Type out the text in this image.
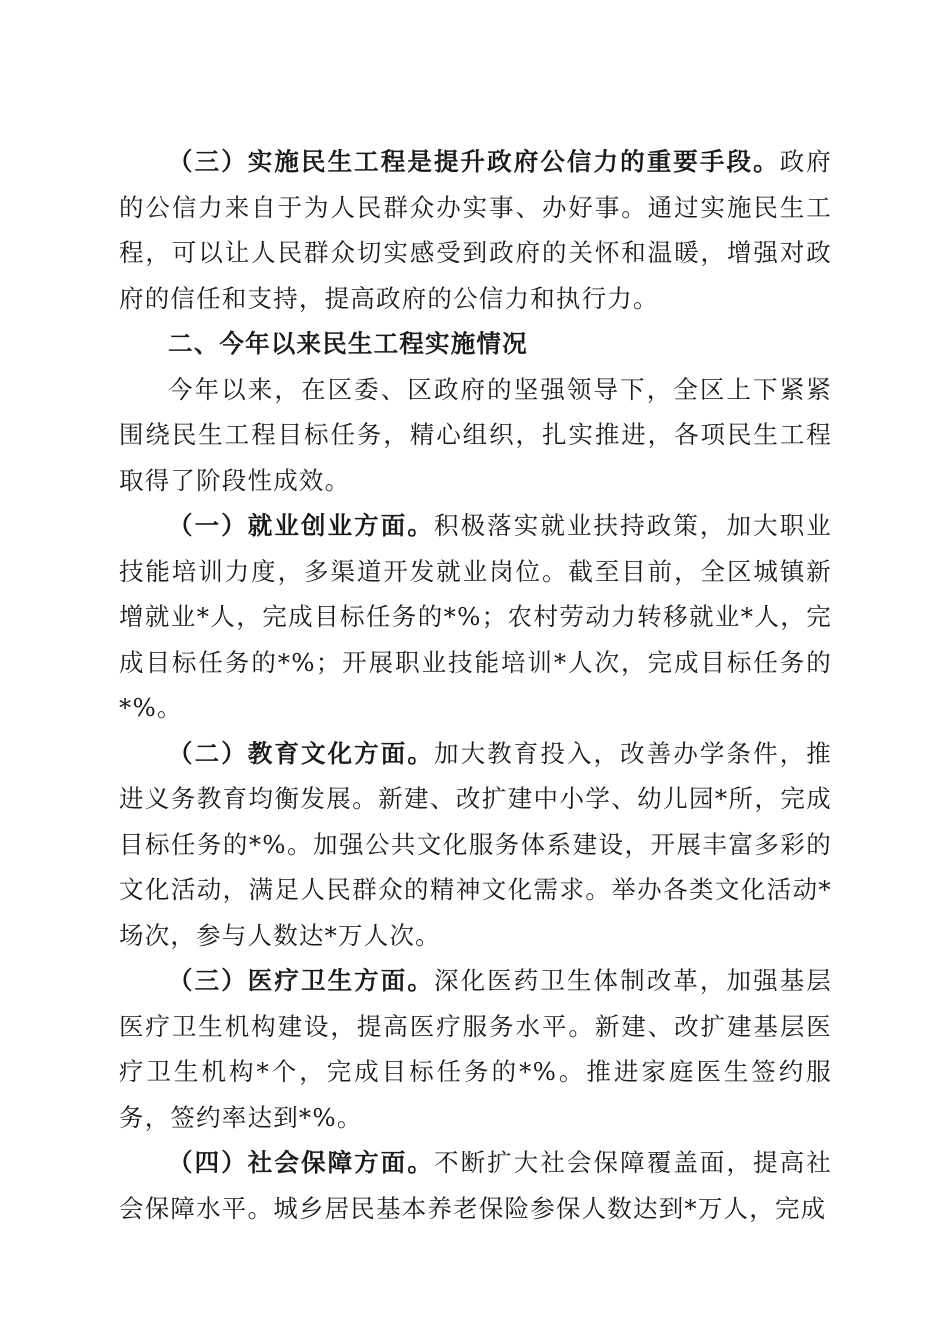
（三）实施民生工程是提升政府公信力的重要手段。政府的公信力来自于为人民群众办实事、办好事。通过实施民生工程，可以让人民群众切实感受到政府的关怀和温暖，增强对政府的信任和支持，提高政府的公信力和执行力。

二、今年以来民生工程实施情况

今年以来，在区委、区政府的坚强领导下，全区上下紧紧围绕民生工程目标任务，精心组织，扎实推进，各项民生工程取得了阶段性成效。

（一）就业创业方面。积极落实就业扶持政策，加大职业技能培训力度，多渠道开发就业岗位。截至目前，全区城镇新增就业*人，完成目标任务的*%；农村劳动力转移就业*人，完成目标任务的*%；开展职业技能培训*人次，完成目标任务的*%。

（二）教育文化方面。加大教育投入，改善办学条件，推进义务教育均衡发展。新建、改扩建中小学、幼儿园*所，完成目标任务的*%。加强公共文化服务体系建设，开展丰富多彩的文化活动，满足人民群众的精神文化需求。举办各类文化活动*场次，参与人数达*万人次。

（三）医疗卫生方面。深化医药卫生体制改革，加强基层医疗卫生机构建设，提高医疗服务水平。新建、改扩建基层医疗卫生机构*个，完成目标任务的*%。推进家庭医生签约服务，签约率达到*%。

（四）社会保障方面。不断扩大社会保障覆盖面，提高社会保障水平。城乡居民基本养老保险参保人数达到*万人，完成
